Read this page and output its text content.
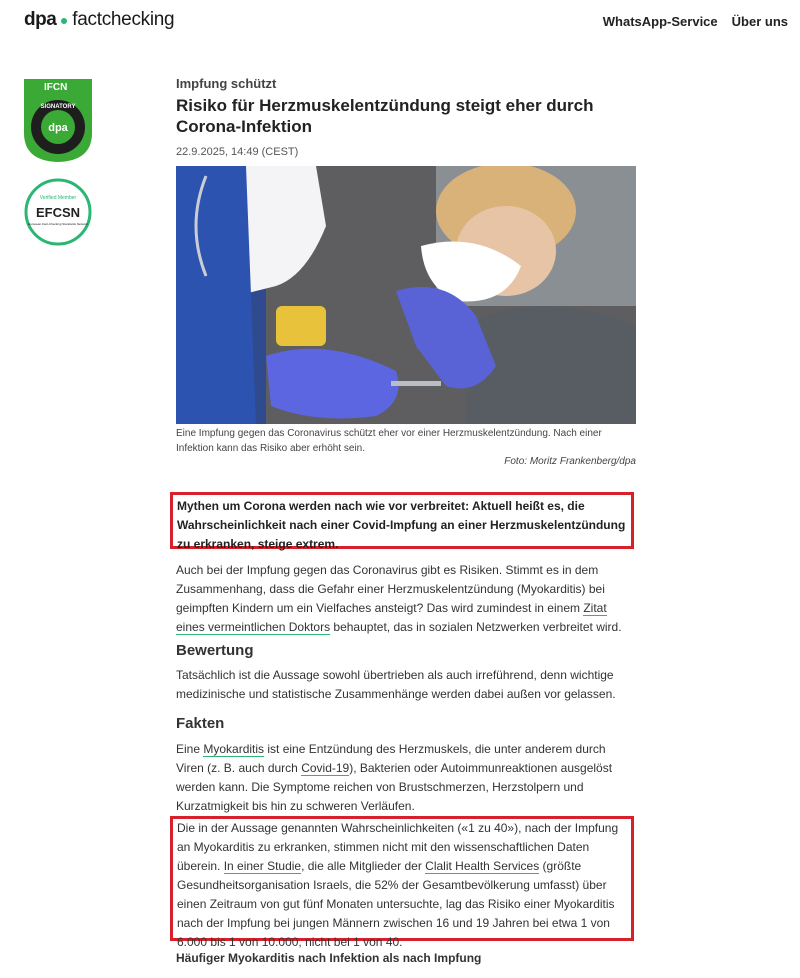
dpa factchecking	WhatsApp-Service Über uns
IFCN
SIGNATORY
dpa
Verified Member
EFCSN
European Fact-Checking Standards Network
Impfung schützt
Risiko für Herzmuskelentzündung steigt eher durch Corona-Infektion
22.9.2025, 14:49 (CEST)
Eine Impfung gegen das Coronavirus schützt eher vor einer Herzmuskelentzündung. Nach einer Infektion kann das Risiko aber erhöht sein.
Foto: Moritz Frankenberg/dpa

Mythen um Corona werden nach wie vor verbreitet: Aktuell heißt es, die Wahrscheinlichkeit nach einer Covid-Impfung an einer Herzmuskelentzündung zu erkranken, steige extrem.

Auch bei der Impfung gegen das Coronavirus gibt es Risiken. Stimmt es in dem Zusammenhang, dass die Gefahr einer Herzmuskelentzündung (Myokarditis) bei geimpften Kindern um ein Vielfaches ansteigt? Das wird zumindest in einem Zitat eines vermeintlichen Doktors behauptet, das in sozialen Netzwerken verbreitet wird.

Bewertung

Tatsächlich ist die Aussage sowohl übertrieben als auch irreführend, denn wichtige medizinische und statistische Zusammenhänge werden dabei außen vor gelassen.

Fakten

Eine Myokarditis ist eine Entzündung des Herzmuskels, die unter anderem durch Viren (z. B. auch durch Covid-19), Bakterien oder Autoimmunreaktionen ausgelöst werden kann. Die Symptome reichen von Brustschmerzen, Herzstolpern und Kurzatmigkeit bis hin zu schweren Verläufen.

Die in der Aussage genannten Wahrscheinlichkeiten («1 zu 40»), nach der Impfung an Myokarditis zu erkranken, stimmen nicht mit den wissenschaftlichen Daten überein. In einer Studie, die alle Mitglieder der Clalit Health Services (größte Gesundheitsorganisation Israels, die 52% der Gesamtbevölkerung umfasst) über einen Zeitraum von gut fünf Monaten untersuchte, lag das Risiko einer Myokarditis nach der Impfung bei jungen Männern zwischen 16 und 19 Jahren bei etwa 1 von 6.000 bis 1 von 10.000, nicht bei 1 von 40.

Häufiger Myokarditis nach Infektion als nach Impfung
